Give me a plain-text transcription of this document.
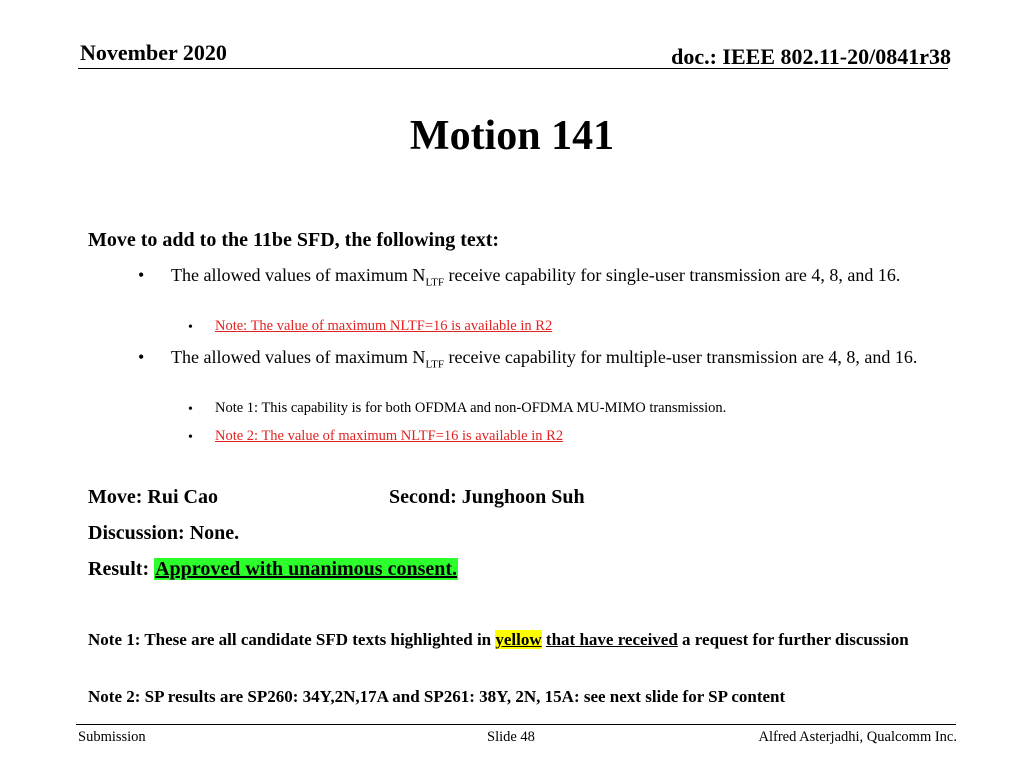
November 2020	doc.: IEEE 802.11-20/0841r38
Motion 141
Move to add to the 11be SFD, the following text:
• The allowed values of maximum $N_{LTF}$ receive capability for single-user transmission are 4, 8, and 16.
• Note: The value of maximum NLTF=16 is available in R2
• The allowed values of maximum $N_{LTF}$ receive capability for multiple-user transmission are 4, 8, and 16.
• Note 1: This capability is for both OFDMA and non-OFDMA MU-MIMO transmission.
• Note 2: The value of maximum NLTF=16 is available in R2
Move: Rui Cao	Second: Junghoon Suh
Discussion: None.
Result: Approved with unanimous consent.
Note 1: These are all candidate SFD texts highlighted in yellow that have received a request for further discussion
Note 2: SP results are SP260: 34Y,2N,17A and SP261: 38Y, 2N, 15A: see next slide for SP content
Submission	Slide 48	Alfred Asterjadhi, Qualcomm Inc.
